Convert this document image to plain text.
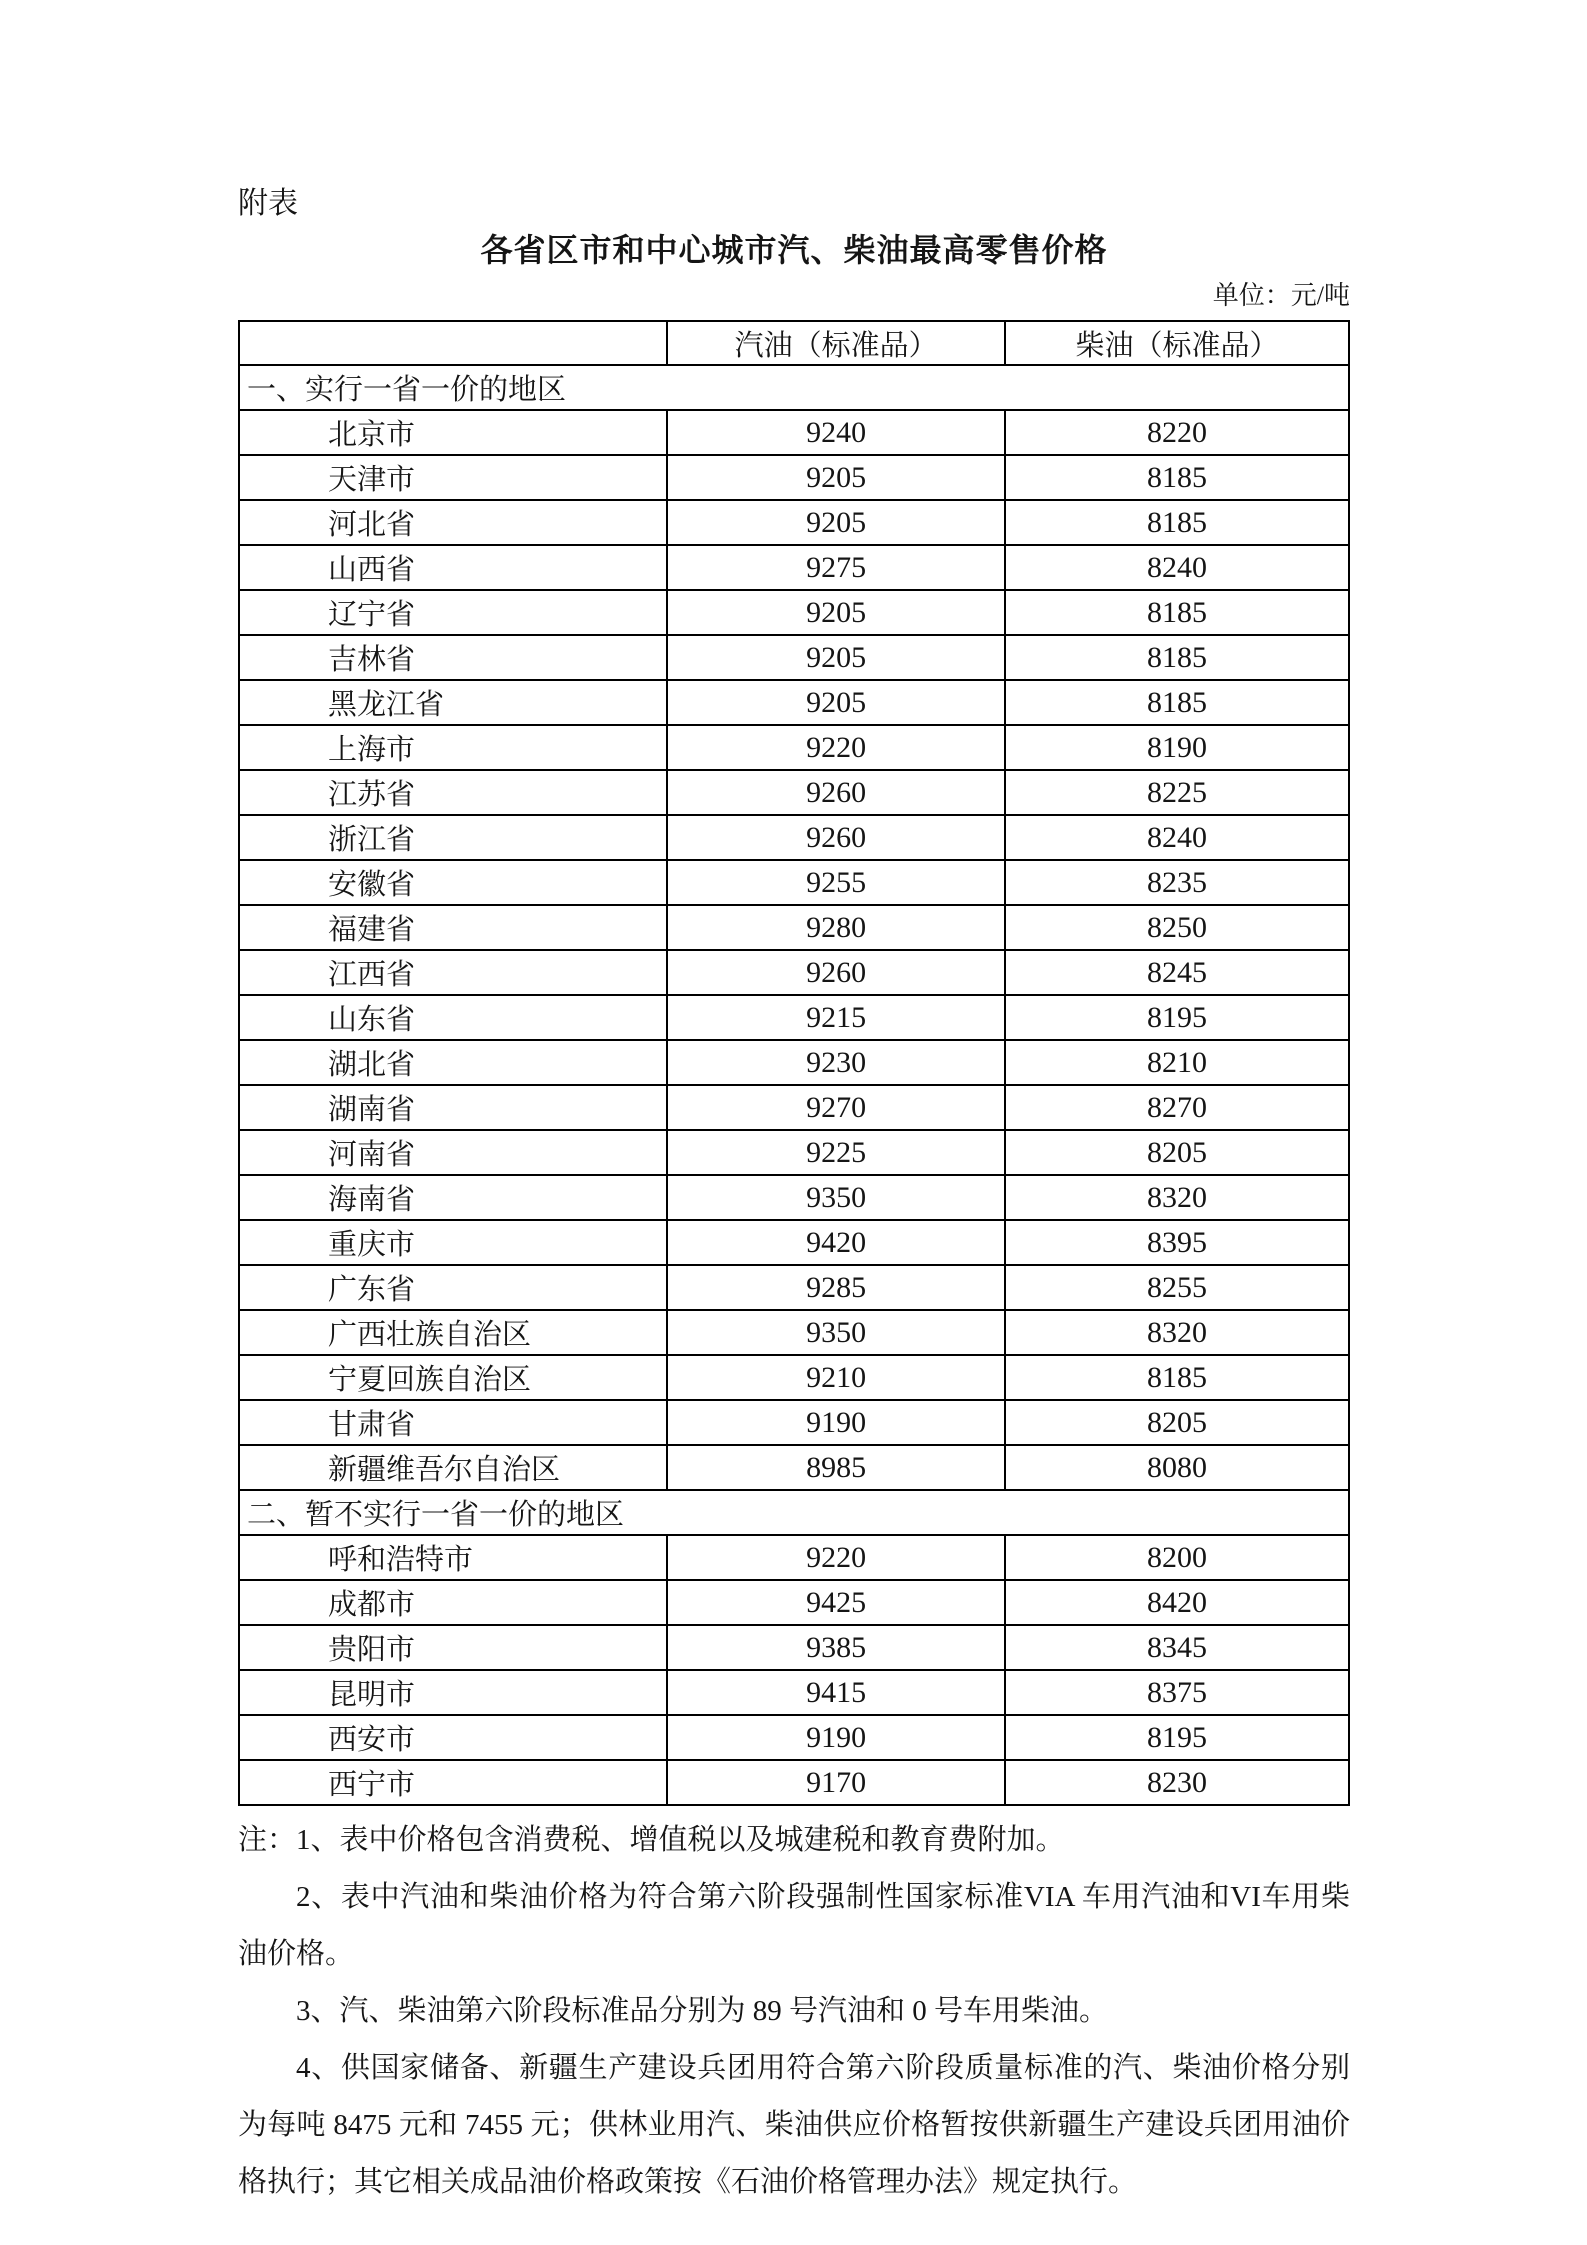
附表
各省区市和中心城市汽、柴油最高零售价格
单位：元/吨
	汽油（标准品）	柴油（标准品）
一、实行一省一价的地区		
北京市	9240	8220
天津市	9205	8185
河北省	9205	8185
山西省	9275	8240
辽宁省	9205	8185
吉林省	9205	8185
黑龙江省	9205	8185
上海市	9220	8190
江苏省	9260	8225
浙江省	9260	8240
安徽省	9255	8235
福建省	9280	8250
江西省	9260	8245
山东省	9215	8195
湖北省	9230	8210
湖南省	9270	8270
河南省	9225	8205
海南省	9350	8320
重庆市	9420	8395
广东省	9285	8255
广西壮族自治区	9350	8320
宁夏回族自治区	9210	8185
甘肃省	9190	8205
新疆维吾尔自治区	8985	8080
二、暂不实行一省一价的地区		
呼和浩特市	9220	8200
成都市	9425	8420
贵阳市	9385	8345
昆明市	9415	8375
西安市	9190	8195
西宁市	9170	8230

注：1、表中价格包含消费税、增值税以及城建税和教育费附加。

2、表中汽油和柴油价格为符合第六阶段强制性国家标准VIA 车用汽油和VI车用柴油价格。

3、汽、柴油第六阶段标准品分别为 89 号汽油和 0 号车用柴油。

4、供国家储备、新疆生产建设兵团用符合第六阶段质量标准的汽、柴油价格分别为每吨 8475 元和 7455 元；供林业用汽、柴油供应价格暂按供新疆生产建设兵团用油价格执行；其它相关成品油价格政策按《石油价格管理办法》规定执行。
